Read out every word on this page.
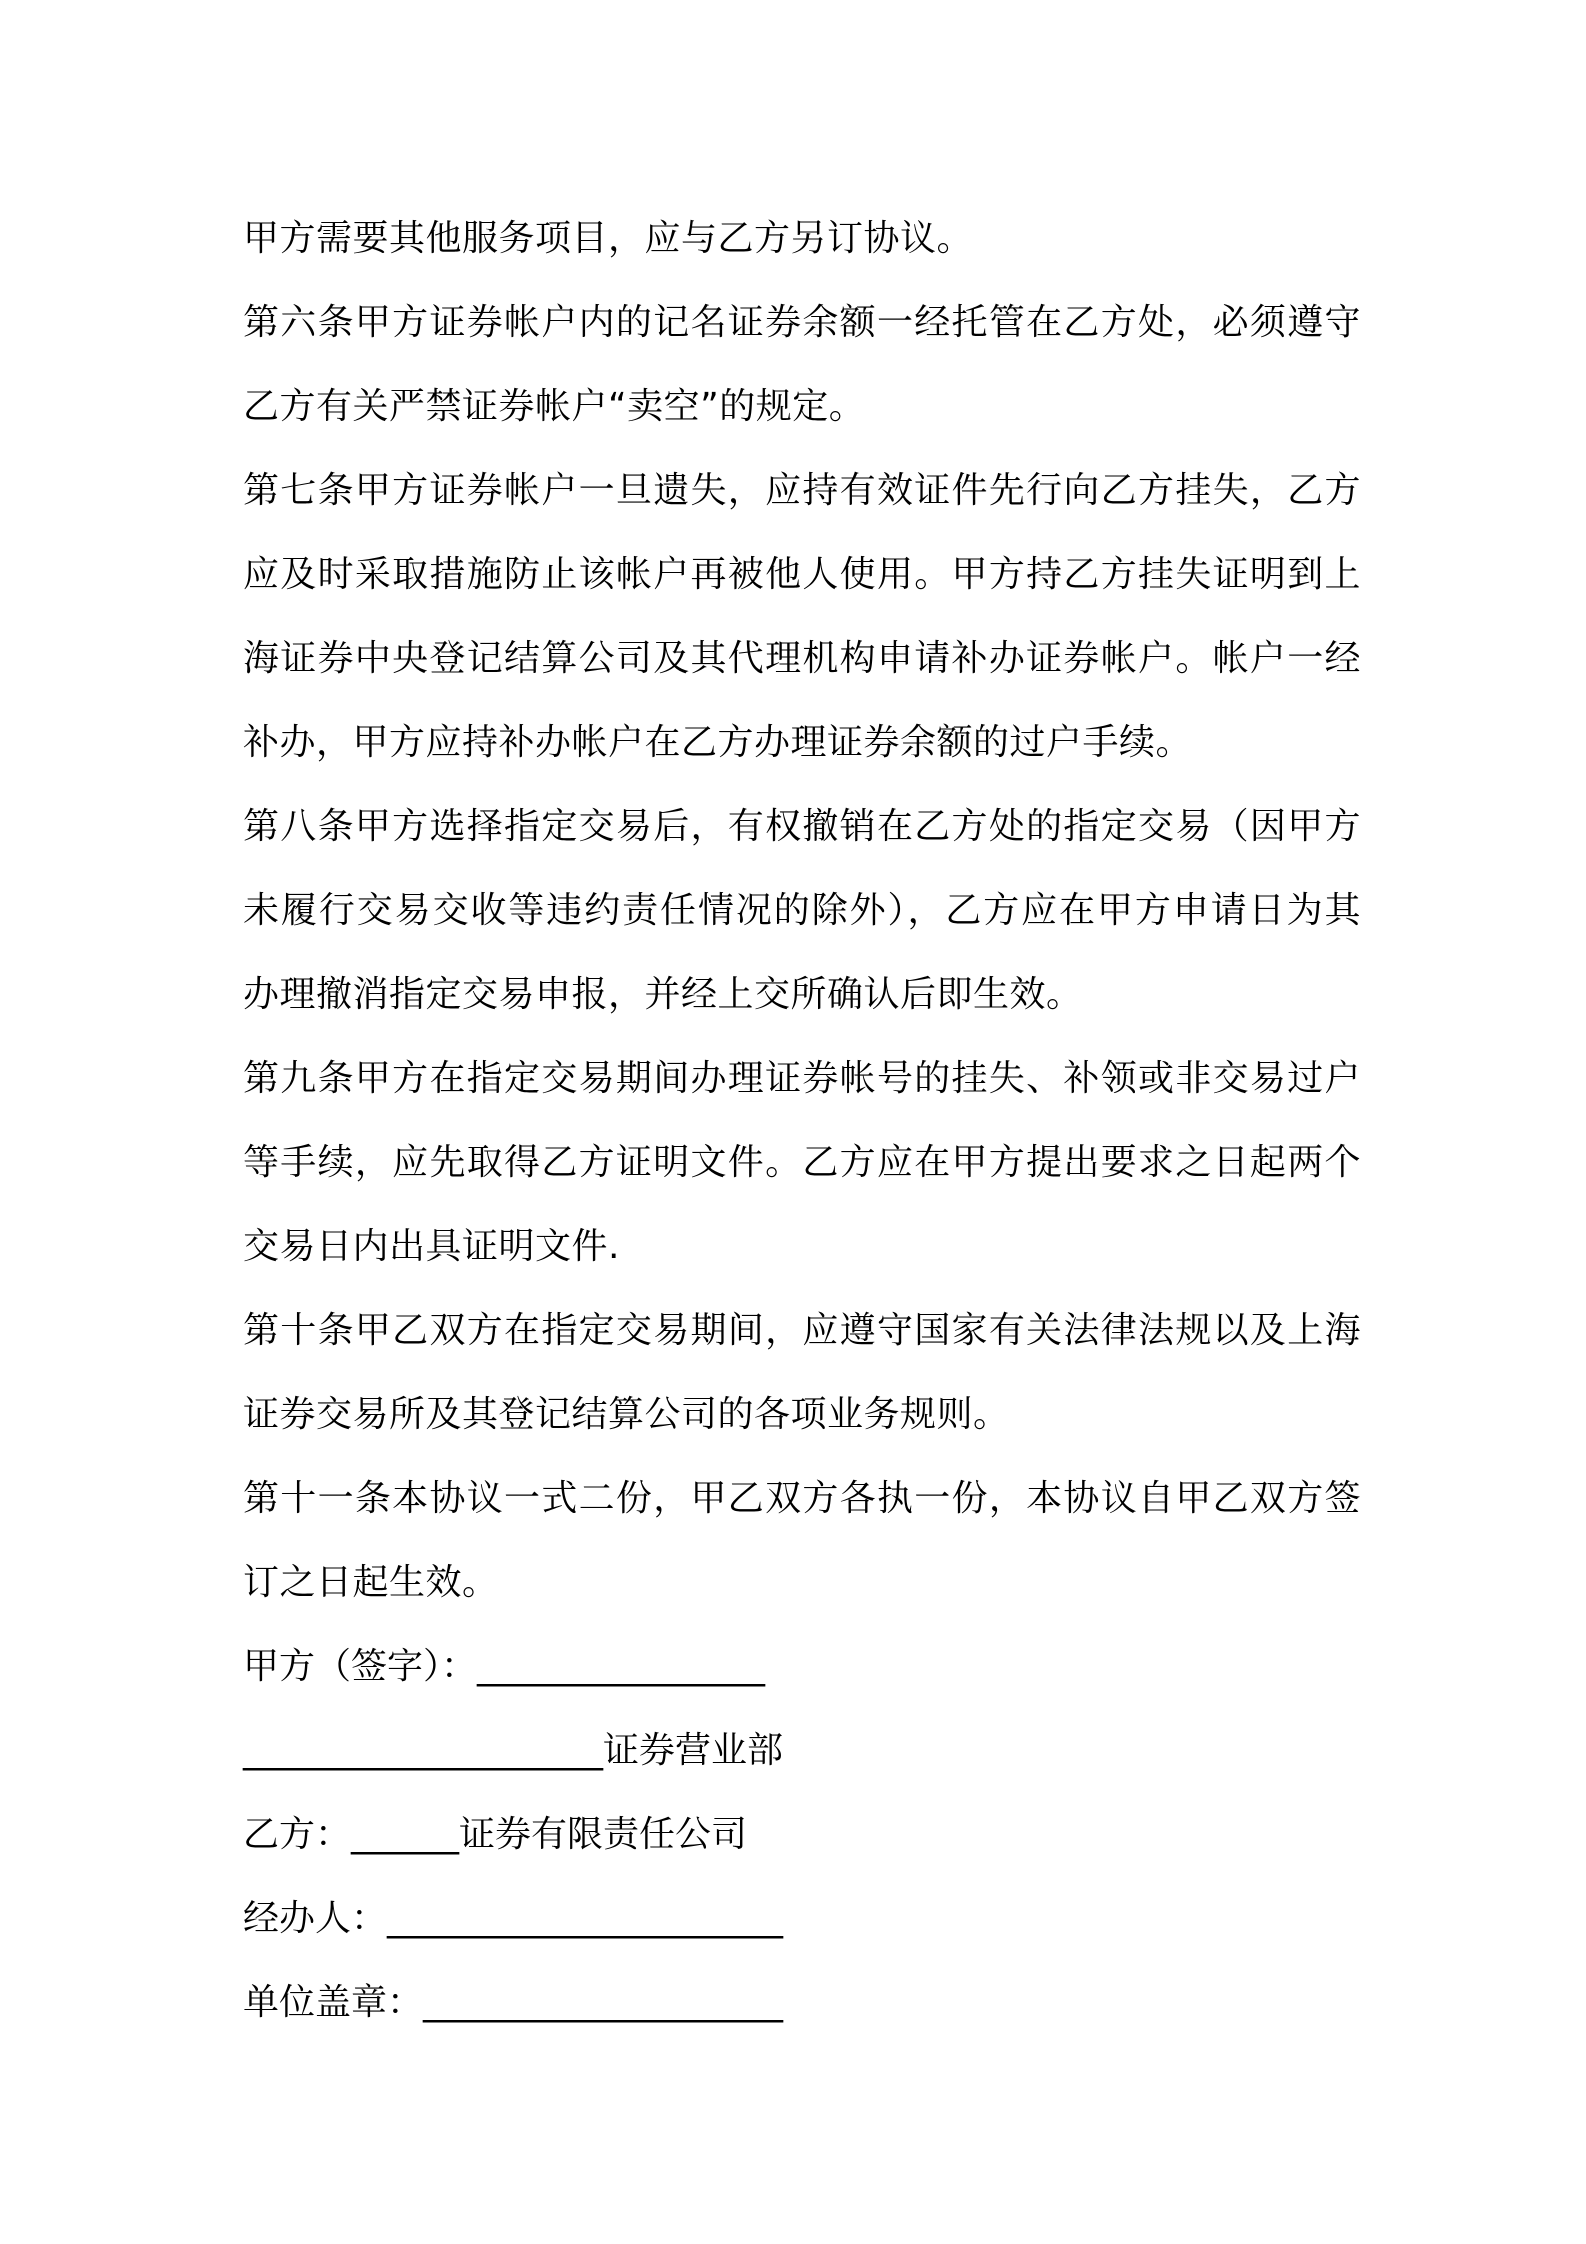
甲方需要其他服务项目，应与乙方另订协议。
第六条甲方证券帐户内的记名证券余额一经托管在乙方处，必须遵守
乙方有关严禁证券帐户“卖空”的规定。
第七条甲方证券帐户一旦遗失，应持有效证件先行向乙方挂失，乙方
应及时采取措施防止该帐户再被他人使用。甲方持乙方挂失证明到上
海证券中央登记结算公司及其代理机构申请补办证券帐户。帐户一经
补办，甲方应持补办帐户在乙方办理证券余额的过户手续。
第八条甲方选择指定交易后，有权撤销在乙方处的指定交易（因甲方
未履行交易交收等违约责任情况的除外），乙方应在甲方申请日为其
办理撤消指定交易申报，并经上交所确认后即生效。
第九条甲方在指定交易期间办理证券帐号的挂失、补领或非交易过户
等手续，应先取得乙方证明文件。乙方应在甲方提出要求之日起两个
交易日内出具证明文件.
第十条甲乙双方在指定交易期间，应遵守国家有关法律法规以及上海
证券交易所及其登记结算公司的各项业务规则。
第十一条本协议一式二份，甲乙双方各执一份，本协议自甲乙双方签
订之日起生效。
甲方（签字）：________________
____________________证券营业部
乙方：______证券有限责任公司
经办人：______________________
单位盖章：____________________
